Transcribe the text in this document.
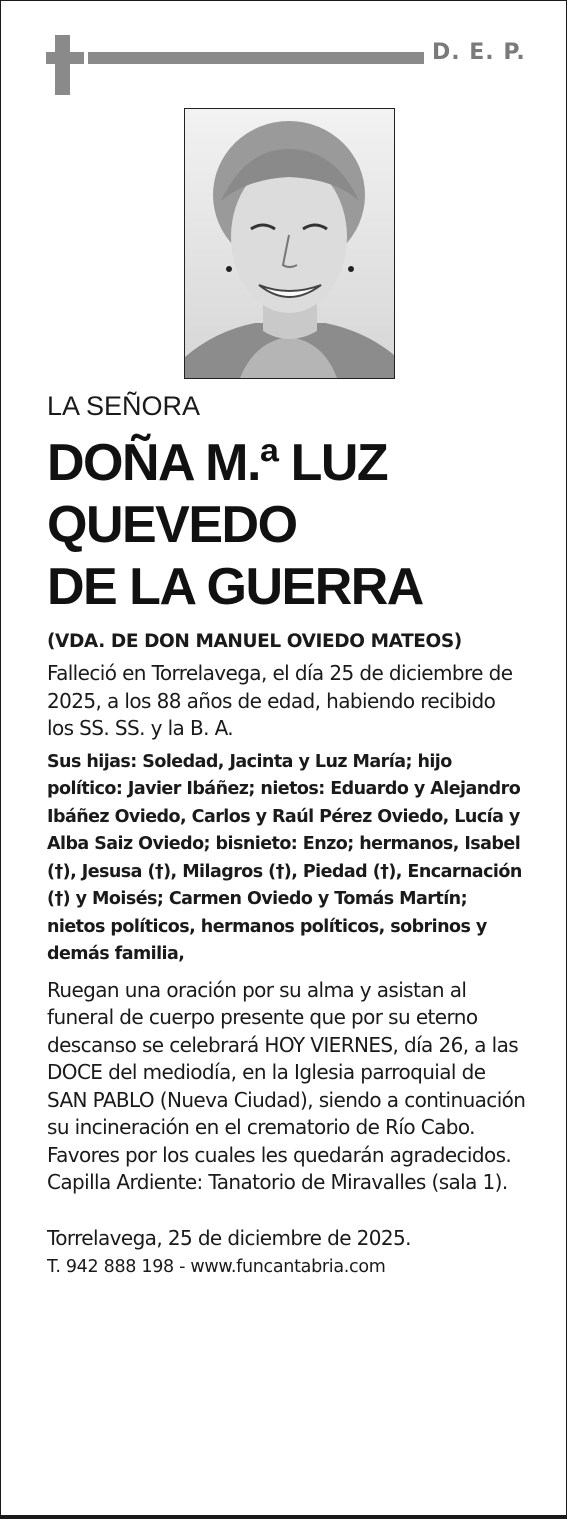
D. E. P.
LA SEÑORA
DOÑA M.ª LUZ
QUEVEDO
DE LA GUERRA
(VDA. DE DON MANUEL OVIEDO MATEOS)
Falleció en Torrelavega, el día 25 de diciembre de 2025, a los 88 años de edad, habiendo recibido los SS. SS. y la B. A.
Sus hijas: Soledad, Jacinta y Luz María; hijo político: Javier Ibáñez; nietos: Eduardo y Alejandro Ibáñez Oviedo, Carlos y Raúl Pérez Oviedo, Lucía y Alba Saiz Oviedo; bisnieto: Enzo; hermanos, Isabel (†), Jesusa (†), Milagros (†), Piedad (†), Encarnación (†) y Moisés; Carmen Oviedo y Tomás Martín; nietos políticos, hermanos políticos, sobrinos y demás familia,
Ruegan una oración por su alma y asistan al funeral de cuerpo presente que por su eterno descanso se celebrará HOY VIERNES, día 26, a las DOCE del mediodía, en la Iglesia parroquial de SAN PABLO (Nueva Ciudad), siendo a continuación su incineración en el crematorio de Río Cabo. Favores por los cuales les quedarán agradecidos. Capilla Ardiente: Tanatorio de Miravalles (sala 1).
Torrelavega, 25 de diciembre de 2025.
T. 942 888 198 - www.funcantabria.com
